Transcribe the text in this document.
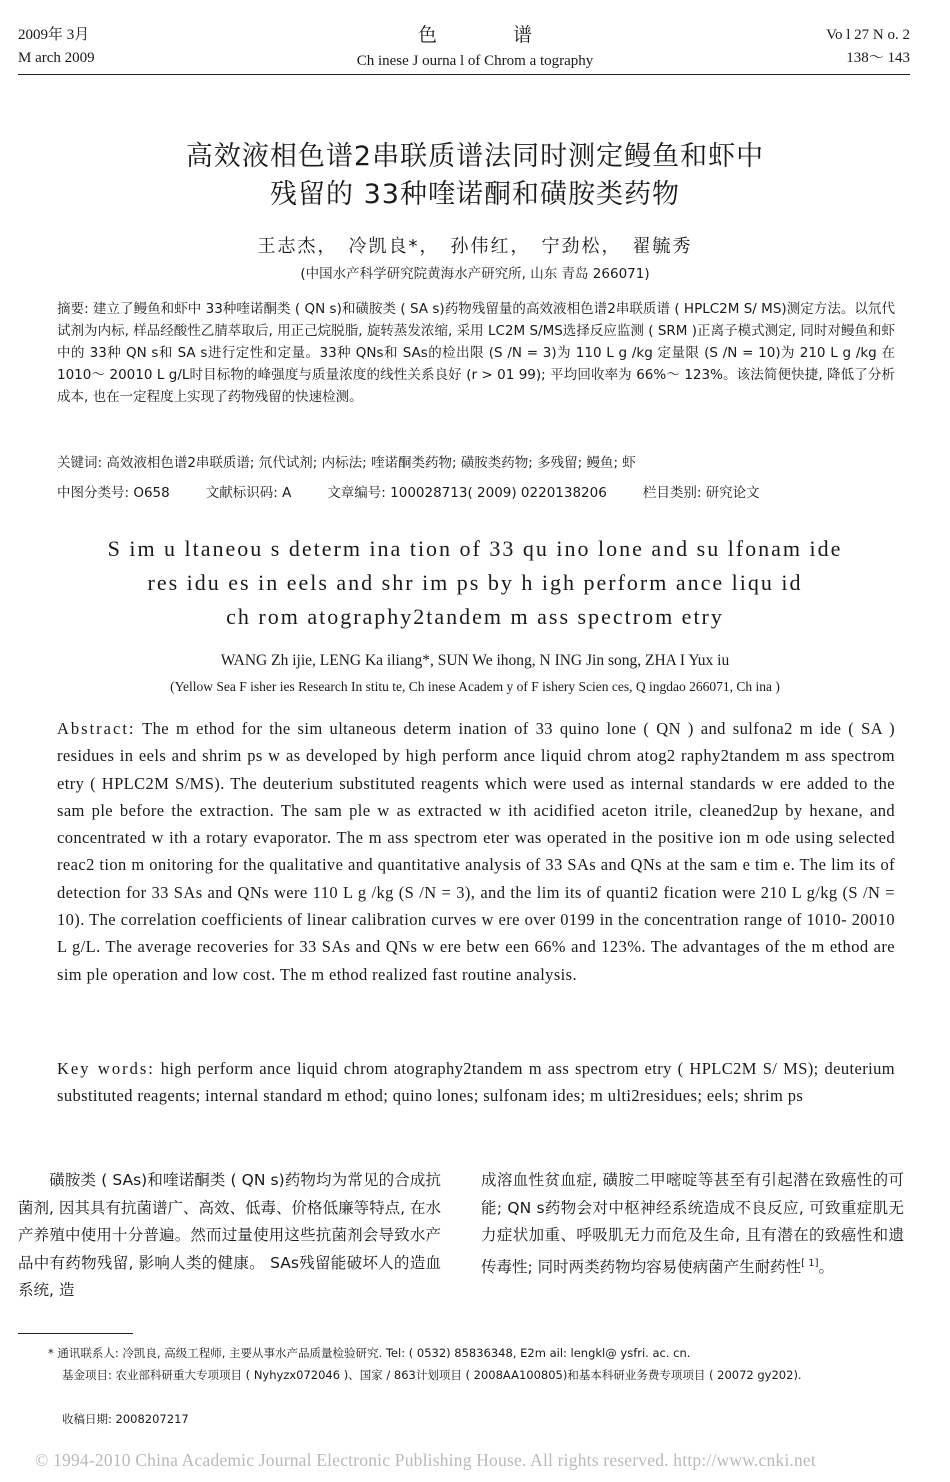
2009年 3月
M arch 2009
色　　　　谱
Ch inese J ourna l of Chrom a tography
Vo l 27 N o. 2
138～ 143
高效液相色谱2串联质谱法同时测定鳗鱼和虾中
残留的 33种喹诺酮和磺胺类药物
王志杰，　冷凯良*，　孙伟红，　宁劲松，　翟毓秀
(中国水产科学研究院黄海水产研究所, 山东 青岛 266071)
摘要: 建立了鳗鱼和虾中 33种喹诺酮类 ( QN s)和磺胺类 ( SA s)药物残留量的高效液相色谱2串联质谱 ( HPLC2M S/ MS)测定方法。以氘代试剂为内标, 样品经酸性乙腈萃取后, 用正己烷脱脂, 旋转蒸发浓缩, 采用 LC2M S/MS选择反应监测 ( SRM )正离子模式测定, 同时对鳗鱼和虾中的 33种 QN s和 SA s进行定性和定量。33种 QNs和 SAs的检出限 (S /N = 3)为 110 L g /kg 定量限 (S /N = 10)为 210 L g /kg 在 1010～ 20010 L g/L时目标物的峰强度与质量浓度的线性关系良好 (r > 01 99); 平均回收率为 66%～ 123%。该法简便快捷, 降低了分析成本, 也在一定程度上实现了药物残留的快速检测。
关键词: 高效液相色谱2串联质谱; 氘代试剂; 内标法; 喹诺酮类药物; 磺胺类药物; 多残留; 鳗鱼; 虾
中图分类号: O658	文献标识码: A	文章编号: 100028713( 2009) 0220138206	栏目类别: 研究论文
S im u ltaneou s determ ina tion of 33 qu ino lone and su lfonam ide
res idu es in eels and shr im ps by h igh perform ance liqu id
ch rom atography2tandem m ass spectrom etry
WANG Zh ijie, LENG Ka iliang*, SUN We ihong, N ING Jin song, ZHA I Yux iu
(Yellow Sea F isher ies Research In stitu te, Ch inese Academ y of F ishery Scien ces, Q ingdao 266071, Ch ina )
Abstract: The m ethod for the sim ultaneous determ ination of 33 quino lone ( QN ) and sulfona2 m ide ( SA ) residues in eels and shrim ps w as developed by high perform ance liquid chrom atog2 raphy2tandem m ass spectrom etry ( HPLC2M S/MS). The deuterium substituted reagents which were used as internal standards w ere added to the sam ple before the extraction. The sam ple w as extracted w ith acidified aceton itrile, cleaned2up by hexane, and concentrated w ith a rotary evaporator. The m ass spectrom eter was operated in the positive ion m ode using selected reac2 tion m onitoring for the qualitative and quantitative analysis of 33 SAs and QNs at the sam e tim e. The lim its of detection for 33 SAs and QNs were 110 L g /kg (S /N = 3), and the lim its of quanti2 fication were 210 L g/kg (S /N = 10). The correlation coefficients of linear calibration curves w ere over 0199 in the concentration range of 1010- 20010 L g/L. The average recoveries for 33 SAs and QNs w ere betw een 66% and 123%. The advantages of the m ethod are sim ple operation and low cost. The m ethod realized fast routine analysis.
Key words: high perform ance liquid chrom atography2tandem m ass spectrom etry ( HPLC2M S/ MS); deuterium substituted reagents; internal standard m ethod; quino lones; sulfonam ides; m ulti2residues; eels; shrim ps
　　磺胺类 ( SAs)和喹诺酮类 ( QN s)药物均为常见的合成抗菌剂, 因其具有抗菌谱广、高效、低毒、价格低廉等特点, 在水产养殖中使用十分普遍。然而过量使用这些抗菌剂会导致水产品中有药物残留, 影响人类的健康。 SAs残留能破坏人的造血系统, 造
成溶血性贫血症, 磺胺二甲嘧啶等甚至有引起潜在致癌性的可能; QN s药物会对中枢神经系统造成不良反应, 可致重症肌无力症状加重、呼吸肌无力而危及生命, 且有潜在的致癌性和遗传毒性; 同时两类药物均容易使病菌产生耐药性[ 1]。
* 通讯联系人: 冷凯良, 高级工程师, 主要从事水产品质量检验研究. Tel: ( 0532) 85836348, E2m ail: lengkl@ ysfri. ac. cn.
基金项目: 农业部科研重大专项项目 ( Nyhyzx072046 )、国家 / 863计划项目 ( 2008AA100805)和基本科研业务费专项项目 ( 20072 gy202).
收稿日期: 2008207217
© 1994-2010 China Academic Journal Electronic Publishing House. All rights reserved. http://www.cnki.net
